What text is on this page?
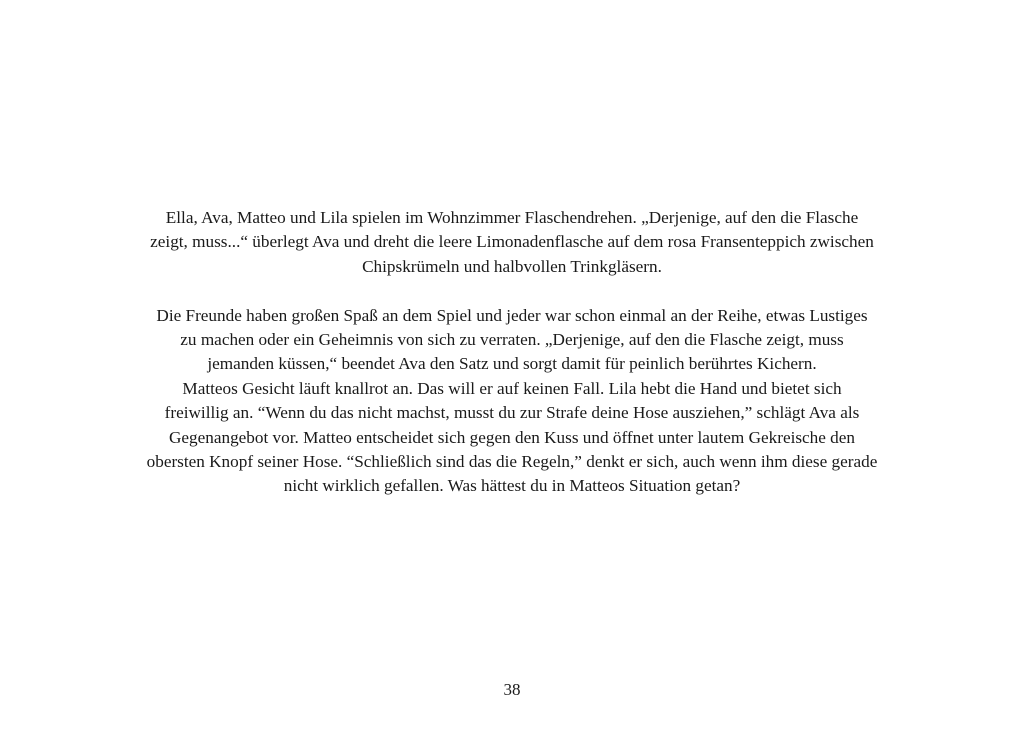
Ella, Ava, Matteo und Lila spielen im Wohnzimmer Flaschendrehen. „Derjenige, auf den die Flasche
zeigt, muss...“ überlegt Ava und dreht die leere Limonadenflasche auf dem rosa Fransenteppich zwischen
Chipskrümeln und halbvollen Trinkgläsern.

Die Freunde haben großen Spaß an dem Spiel und jeder war schon einmal an der Reihe, etwas Lustiges
zu machen oder ein Geheimnis von sich zu verraten. „Derjenige, auf den die Flasche zeigt, muss
jemanden küssen,“ beendet Ava den Satz und sorgt damit für peinlich berührtes Kichern.
Matteos Gesicht läuft knallrot an. Das will er auf keinen Fall. Lila hebt die Hand und bietet sich
freiwillig an. “Wenn du das nicht machst, musst du zur Strafe deine Hose ausziehen,” schlägt Ava als
Gegenangebot vor. Matteo entscheidet sich gegen den Kuss und öffnet unter lautem Gekreische den
obersten Knopf seiner Hose. “Schließlich sind das die Regeln,” denkt er sich, auch wenn ihm diese gerade
nicht wirklich gefallen. Was hättest du in Matteos Situation getan?

38
